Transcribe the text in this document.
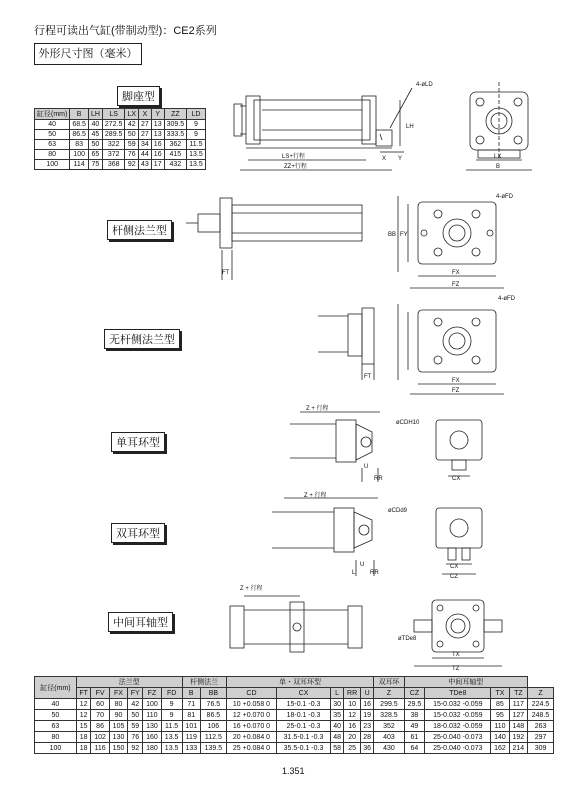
行程可读出气缸(带制动型)：CE2系列
外形尺寸图（毫米）
脚座型
杆侧法兰型
无杆侧法兰型
单耳环型
双耳环型
中间耳轴型
缸径(mm)	B	LH	LS	LX	X	Y	ZZ	LD
40	68.5	40	272.5	42	27	13	309.5	9
50	86.5	45	289.5	50	27	13	333.5	9
63	83	50	322	59	34	16	362	11.5
80	100	65	372	76	44	16	415	13.5
100	114	75	368	92	43	17	432	13.5
4-øLD
LH
X Y
LS+行程
ZZ+行程
LX
B
4-øFD
FX
FZ
BB FY
FT
4-øFD
FX
FZ
FT
Z + 行程
øCDH10
CX
U
RR
Z + 行程
øCDd9
CX
CZ
U
RR
L
Z + 行程
TX
TZ
øTDe8
缸径(mm)	法兰型						杆侧法兰		单・双耳环型					双耳环	中间耳轴型				
	FT	FV	FX	FY	FZ	FD	B	BB	CD	CX	L	RR	U	Z	CZ	TDe8	TX	TZ	Z
40	12	60	80	42	100	9	71	76.5	10 +0.058 0	15-0.1 -0.3	30	10	16	299.5	29.5	15-0.032 -0.059	85	117	224.5
50	12	70	90	50	110	9	81	86.5	12 +0.070 0	18-0.1 -0.3	35	12	19	328.5	38	15-0.032 -0.059	95	127	248.5
63	15	86	105	59	130	11.5	101	106	16 +0.070 0	25-0.1 -0.3	40	16	23	352	49	18-0.032 -0.059	110	148	263
80	18	102	130	76	160	13.5	119	112.5	20 +0.084 0	31.5-0.1 -0.3	48	20	28	403	61	25-0.040 -0.073	140	192	297
100	18	116	150	92	180	13.5	133	139.5	25 +0.084 0	35.5-0.1 -0.3	58	25	36	430	64	25-0.040 -0.073	162	214	309
1.351
